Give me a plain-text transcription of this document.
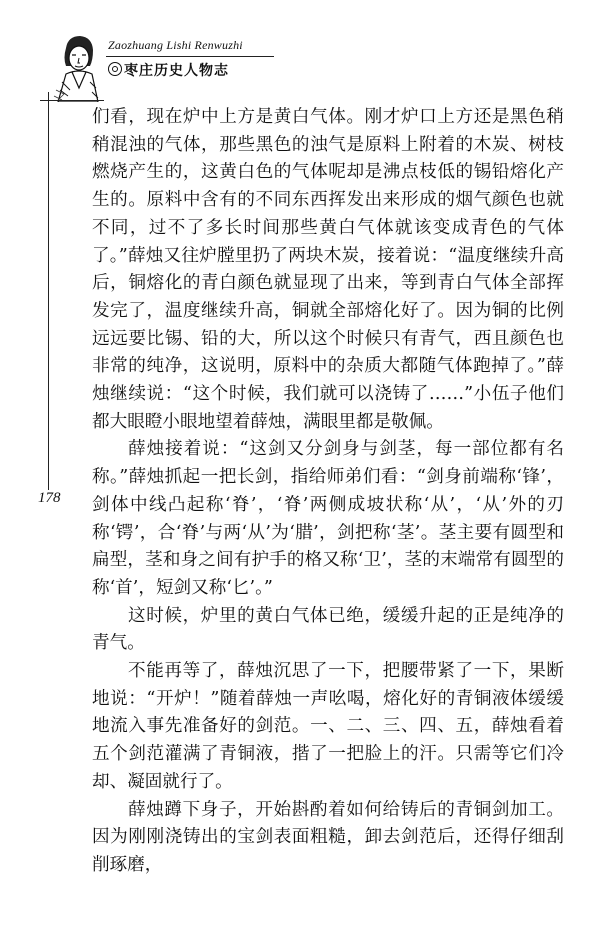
Zaozhuang Lishi Renwuzhi
枣庄历史人物志
178

们看，现在炉中上方是黄白气体。刚才炉口上方还是黑色稍稍混浊的气体，那些黑色的浊气是原料上附着的木炭、树枝燃烧产生的，这黄白色的气体呢却是沸点枝低的锡铅熔化产生的。原料中含有的不同东西挥发出来形成的烟气颜色也就不同，过不了多长时间那些黄白气体就该变成青色的气体了。”薛烛又往炉膛里扔了两块木炭，接着说：“温度继续升高后，铜熔化的青白颜色就显现了出来，等到青白气体全部挥发完了，温度继续升高，铜就全部熔化好了。因为铜的比例远远要比锡、铅的大，所以这个时候只有青气，西且颜色也非常的纯净，这说明，原料中的杂质大都随气体跑掉了。”薛烛继续说：“这个时候，我们就可以浇铸了……”小伍子他们都大眼瞪小眼地望着薛烛，满眼里都是敬佩。

薛烛接着说：“这剑又分剑身与剑茎，每一部位都有名称。”薛烛抓起一把长剑，指给师弟们看：“剑身前端称‘锋’，剑体中线凸起称‘脊’，‘脊’两侧成坡状称‘从’，‘从’外的刃称‘锷’，合‘脊’与两‘从’为‘腊’，剑把称‘茎’。茎主要有圆型和扁型，茎和身之间有护手的格又称‘卫’，茎的末端常有圆型的称‘首’，短剑又称‘匕’。”

这时候，炉里的黄白气体已绝，缓缓升起的正是纯净的青气。

不能再等了，薛烛沉思了一下，把腰带紧了一下，果断地说：“开炉！”随着薛烛一声吆喝，熔化好的青铜液体缓缓地流入事先准备好的剑范。一、二、三、四、五，薛烛看着五个剑范灌满了青铜液，揩了一把脸上的汗。只需等它们冷却、凝固就行了。

薛烛蹲下身子，开始斟酌着如何给铸后的青铜剑加工。因为刚刚浇铸出的宝剑表面粗糙，卸去剑范后，还得仔细刮削琢磨，
